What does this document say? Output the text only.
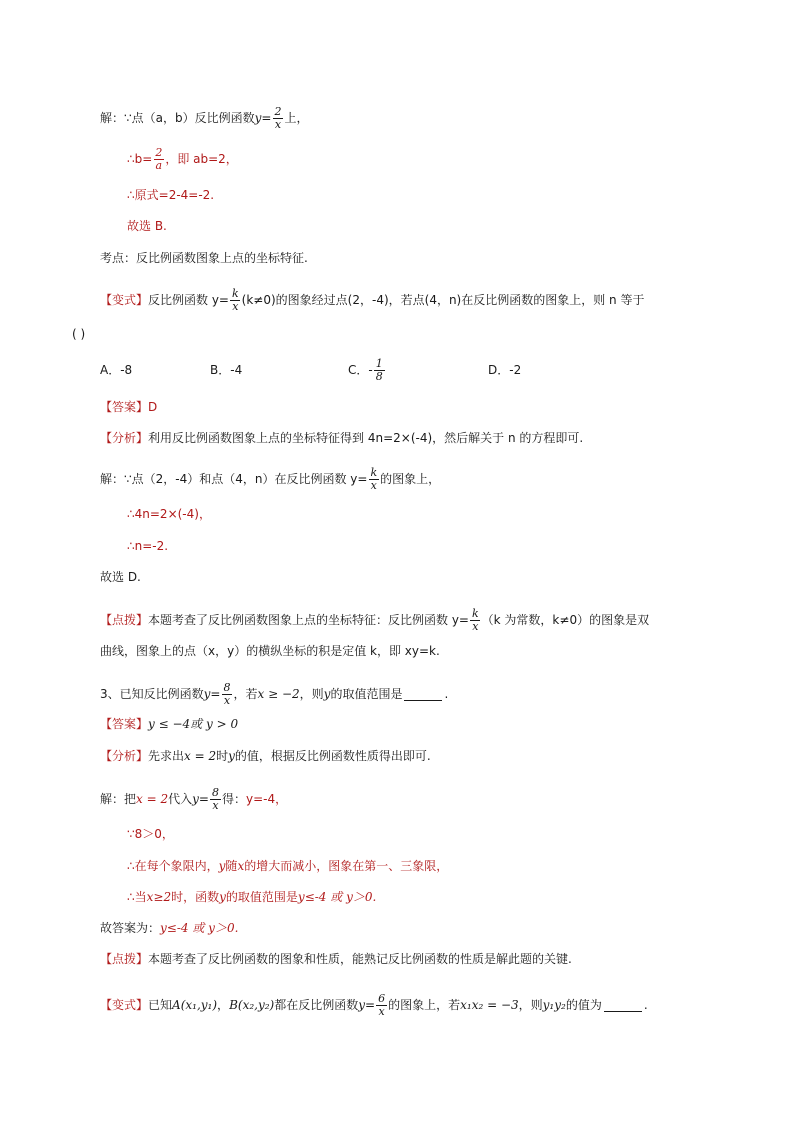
解：∵点（a，b）反比例函数 $y = \frac{2}{x}$ 上，
∴b= $\frac{2}{a}$ ，即 ab=2，
∴原式=2-4=-2.
故选 B.
考点：反比例函数图象上点的坐标特征.
【变式】 反比例函数 $y= \frac{k}{x} (k\ne 0)$的图象经过点(2，-4)，若点(4，n)在反比例函数的图象上，则 n 等于
( )
A．-8	B．-4	C．- $\frac{1}{8}$	D．-2
【答案】 D
【分析】 利用反比例函数图象上点的坐标特征得到 4n=2×(-4)，然后解关于 n 的方程即可.
解：∵点（2，-4）和点（4，n）在反比例函数 $y= \frac{k}{x}$ 的图象上，
∴4n=2×(-4)，
∴n=-2.
故选 D.
【点拨】 本题考查了反比例函数图象上点的坐标特征：反比例函数 $y= \frac{k}{x} (k$ 为常数，k≠0）的图象是双
曲线，图象上的点（x，y）的横纵坐标的积是定值 k，即 xy=k.
3、已知反比例函数 $y = \frac{8}{x}$ ，若 x ≥ −2 ，则 y 的取值范围是	.
【答案】 y ≤ −4或 y > 0
【分析】 先求出 x = 2 时 y 的值，根据反比例函数性质得出即可.
解：把 x = 2 代入 $y = \frac{8}{x}$ 得： y=-4，
∵8＞0，
∴在每个象限内， y 随 x 的增大而减小，图象在第一、三象限，
∴当 x≥2 时，函数 y 的取值范围是 y≤-4 或 y＞0.
故答案为： y≤-4 或 y＞0.
【点拨】 本题考查了反比例函数的图象和性质，能熟记反比例函数的性质是解此题的关键.
【变式】 已知 A(x₁,y₁) ， B(x₂,y₂) 都在反比例函数 $y = \frac{6}{x}$ 的图象上，若 x₁x₂ = −3 ，则 y₁y₂ 的值为	.
